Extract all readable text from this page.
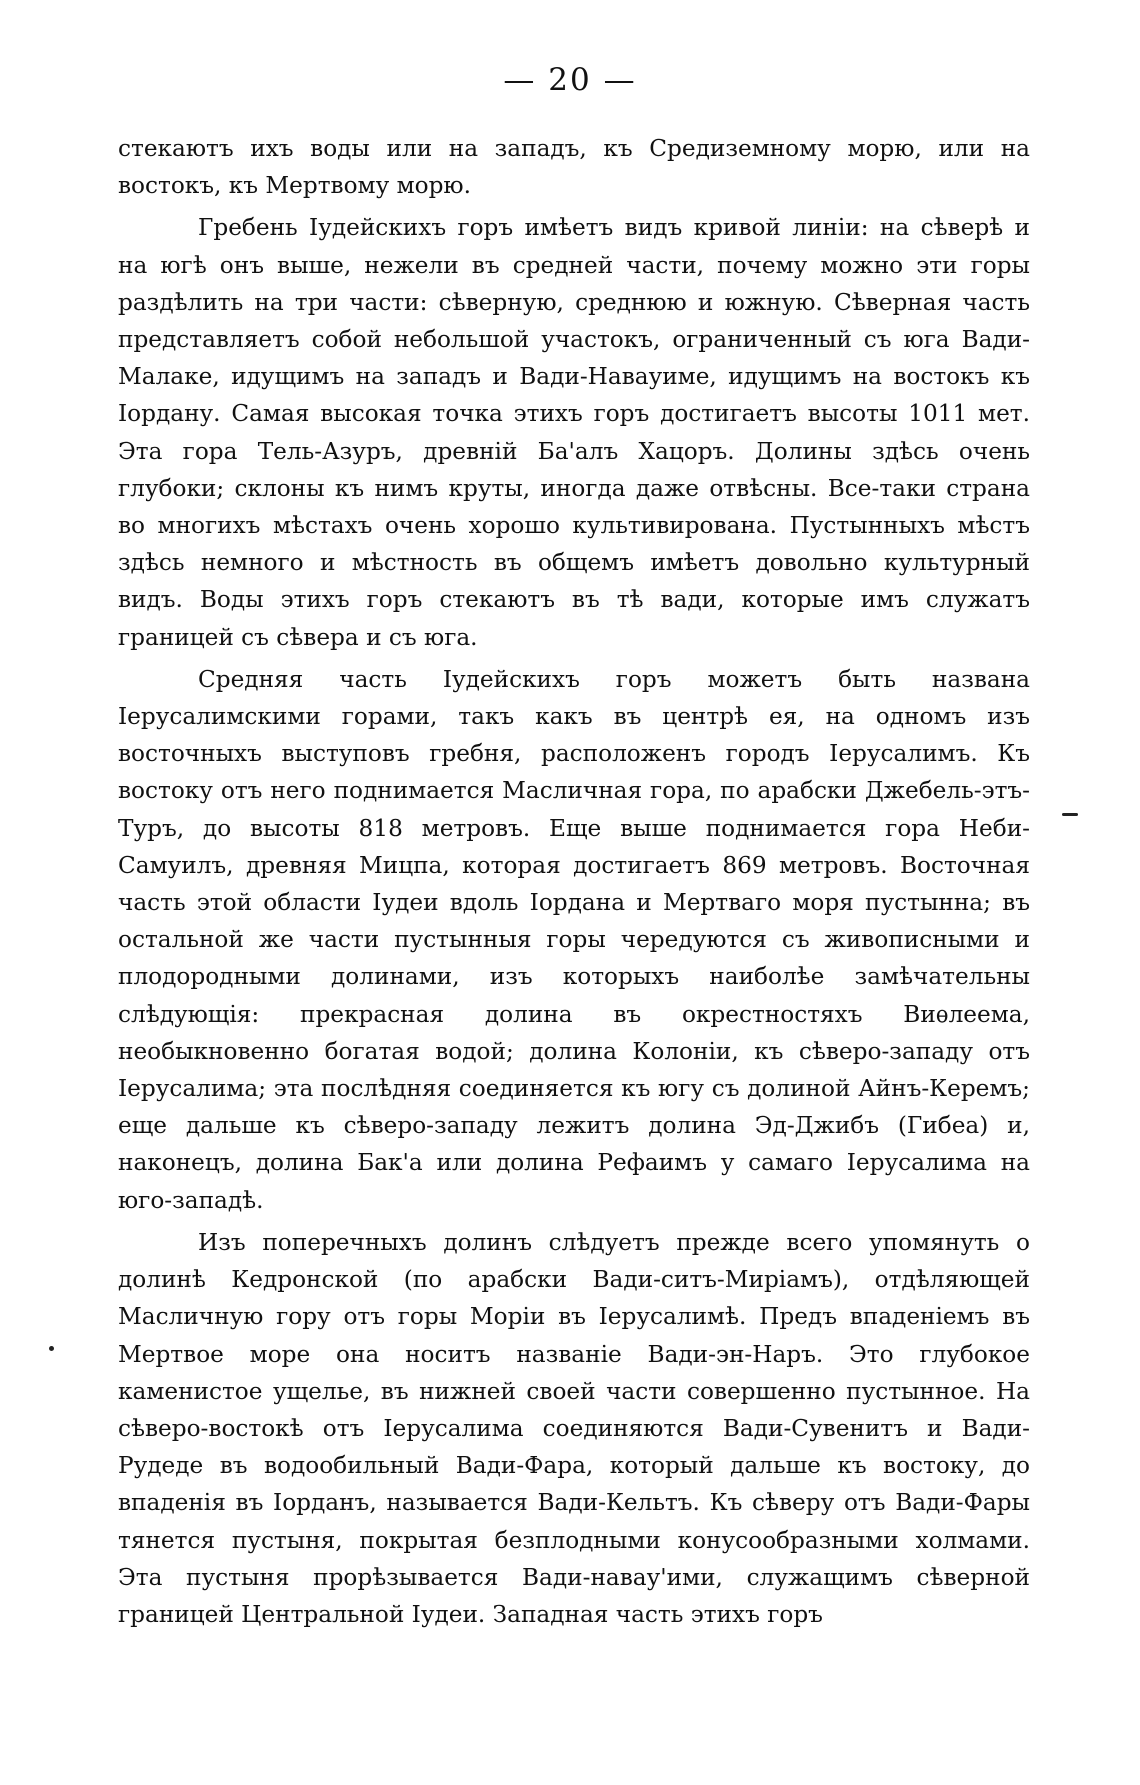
— 20 —

стекаютъ ихъ воды или на западъ, къ Средиземному морю, или на востокъ, къ Мертвому морю.

Гребень Іудейскихъ горъ имѣетъ видъ кривой линіи: на сѣверѣ и на югѣ онъ выше, нежели въ средней части, почему можно эти горы раздѣлить на три части: сѣверную, среднюю и южную. Сѣверная часть представляетъ собой небольшой участокъ, ограниченный съ юга Вади-Малаке, идущимъ на западъ и Вади-Навауиме, идущимъ на востокъ къ Іордану. Самая высокая точка этихъ горъ достигаетъ высоты 1011 мет. Эта гора Тель-Азуръ, древній Ба'алъ Хацоръ. Долины здѣсь очень глубоки; склоны къ нимъ круты, иногда даже отвѣсны. Все-таки страна во многихъ мѣстахъ очень хорошо культивирована. Пустынныхъ мѣстъ здѣсь немного и мѣстность въ общемъ имѣетъ довольно культурный видъ. Воды этихъ горъ стекаютъ въ тѣ вади, которые имъ служатъ границей съ сѣвера и съ юга.

Средняя часть Іудейскихъ горъ можетъ быть названа Іерусалимскими горами, такъ какъ въ центрѣ ея, на одномъ изъ восточныхъ выступовъ гребня, расположенъ городъ Іерусалимъ. Къ востоку отъ него поднимается Масличная гора, по арабски Джебель-этъ-Туръ, до высоты 818 метровъ. Еще выше поднимается гора Неби-Самуилъ, древняя Мицпа, которая достигаетъ 869 метровъ. Восточная часть этой области Іудеи вдоль Іордана и Мертваго моря пустынна; въ остальной же части пустынныя горы чередуются съ живописными и плодородными долинами, изъ которыхъ наиболѣе замѣчательны слѣдующія: прекрасная долина въ окрестностяхъ Виѳлеема, необыкновенно богатая водой; долина Колоніи, къ сѣверо-западу отъ Іерусалима; эта послѣдняя соединяется къ югу съ долиной Айнъ-Керемъ; еще дальше къ сѣверо-западу лежитъ долина Эд-Джибъ (Гибеа) и, наконецъ, долина Бак'а или долина Рефаимъ у самаго Іерусалима на юго-западѣ.

Изъ поперечныхъ долинъ слѣдуетъ прежде всего упомянуть о долинѣ Кедронской (по арабски Вади-ситъ-Миріамъ), отдѣляющей Масличную гору отъ горы Моріи въ Іерусалимѣ. Предъ впаденіемъ въ Мертвое море она носитъ названіе Вади-эн-Наръ. Это глубокое каменистое ущелье, въ нижней своей части совершенно пустынное. На сѣверо-востокѣ отъ Іерусалима соединяются Вади-Сувенитъ и Вади-Рудеде въ водообильный Вади-Фара, который дальше къ востоку, до впаденія въ Іорданъ, называется Вади-Кельтъ. Къ сѣверу отъ Вади-Фары тянется пустыня, покрытая безплодными конусообразными холмами. Эта пустыня прорѣзывается Вади-навау'ими, служащимъ сѣверной границей Центральной Іудеи. Западная часть этихъ горъ
